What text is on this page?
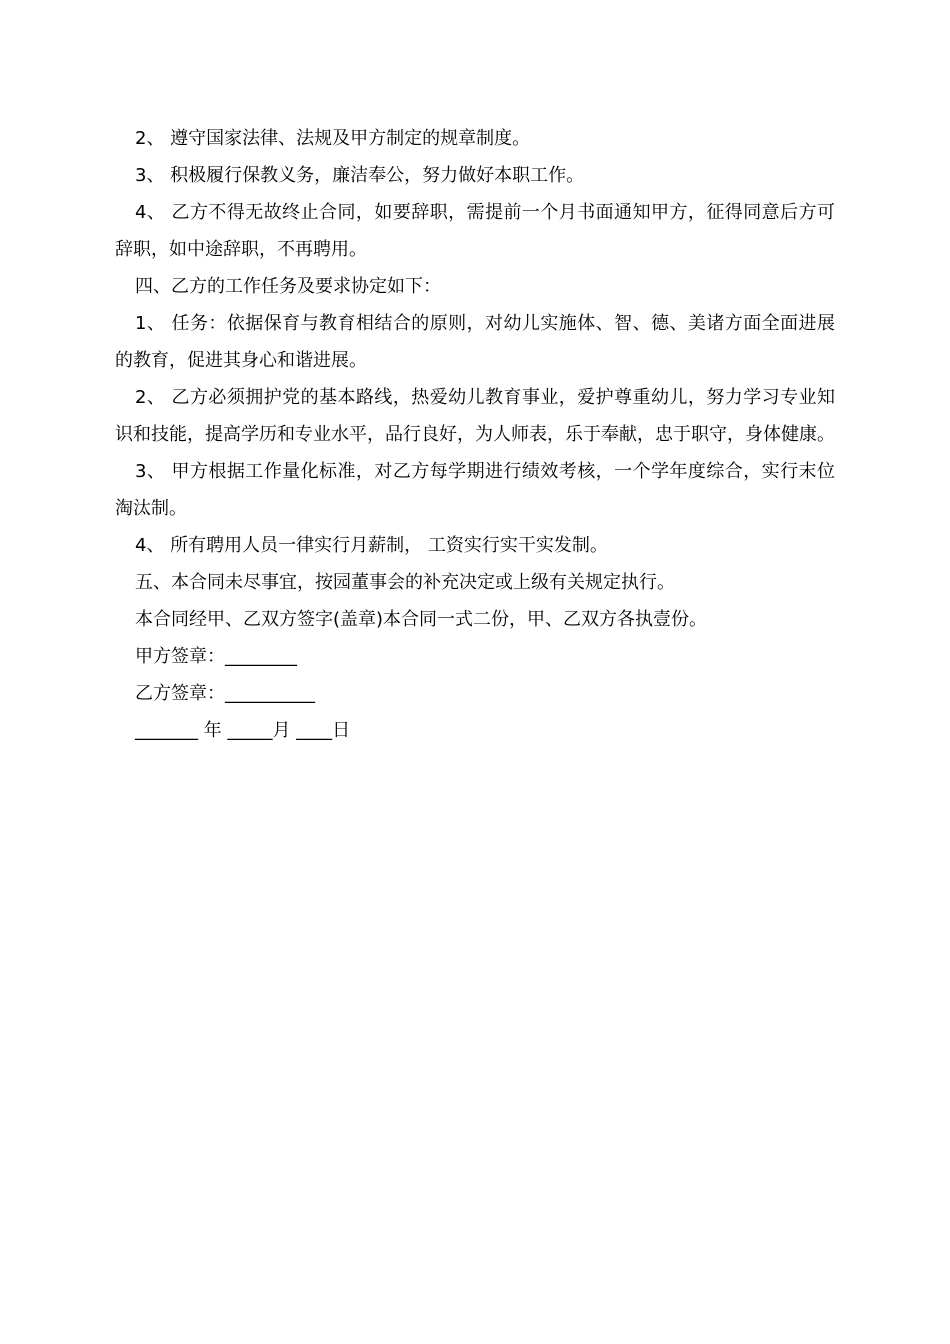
2、 遵守国家法律、法规及甲方制定的规章制度。

3、 积极履行保教义务，廉洁奉公，努力做好本职工作。

4、 乙方不得无故终止合同，如要辞职，需提前一个月书面通知甲方，征得同意后方可辞职，如中途辞职，不再聘用。

四、乙方的工作任务及要求协定如下：

1、 任务：依据保育与教育相结合的原则，对幼儿实施体、智、德、美诸方面全面进展的教育，促进其身心和谐进展。

2、 乙方必须拥护党的基本路线，热爱幼儿教育事业，爱护尊重幼儿，努力学习专业知识和技能，提高学历和专业水平，品行良好，为人师表，乐于奉献，忠于职守，身体健康。

3、 甲方根据工作量化标准，对乙方每学期进行绩效考核，一个学年度综合，实行末位淘汰制。

4、 所有聘用人员一律实行月薪制， 工资实行实干实发制。

五、本合同未尽事宜，按园董事会的补充决定或上级有关规定执行。

本合同经甲、乙双方签字(盖章)本合同一式二份，甲、乙双方各执壹份。

甲方签章：________

乙方签章：__________

_______ 年 _____月 ____日
